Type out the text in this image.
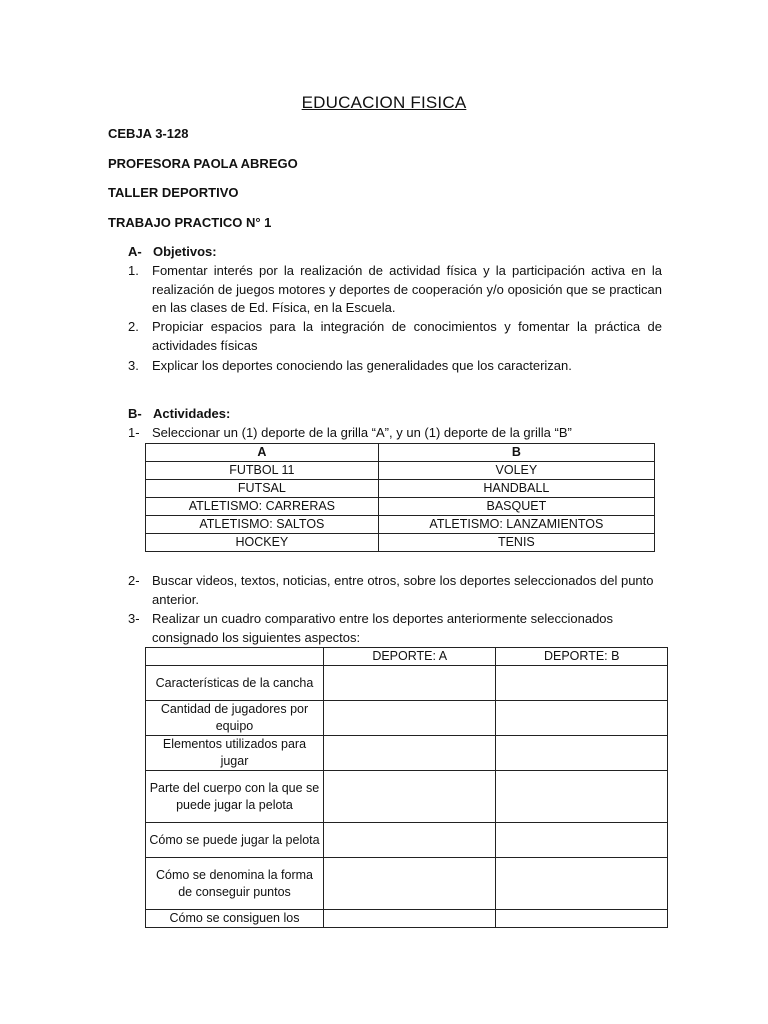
EDUCACION FISICA
CEBJA 3-128
PROFESORA PAOLA ABREGO
TALLER DEPORTIVO
TRABAJO PRACTICO N° 1
A- Objetivos:
1. Fomentar interés por la realización de actividad física y la participación activa en la realización de juegos motores y deportes de cooperación y/o oposición que se practican en las clases de Ed. Física, en la Escuela.
2. Propiciar espacios para la integración de conocimientos y fomentar la práctica de actividades físicas
3. Explicar los deportes conociendo las generalidades que los caracterizan.
B- Actividades:
1- Seleccionar un (1) deporte de la grilla “A”, y un (1) deporte de la grilla “B”
A	B
FUTBOL 11	VOLEY
FUTSAL	HANDBALL
ATLETISMO: CARRERAS	BASQUET
ATLETISMO: SALTOS	ATLETISMO: LANZAMIENTOS
HOCKEY	TENIS
2- Buscar videos, textos, noticias, entre otros, sobre los deportes seleccionados del punto anterior.
3- Realizar un cuadro comparativo entre los deportes anteriormente seleccionados consignado los siguientes aspectos:
	DEPORTE: A	DEPORTE: B
Características de la cancha		
Cantidad de jugadores por equipo		
Elementos utilizados para jugar		
Parte del cuerpo con la que se puede jugar la pelota		
Cómo se puede jugar la pelota		
Cómo se denomina la forma de conseguir puntos		
Cómo se consiguen los		
